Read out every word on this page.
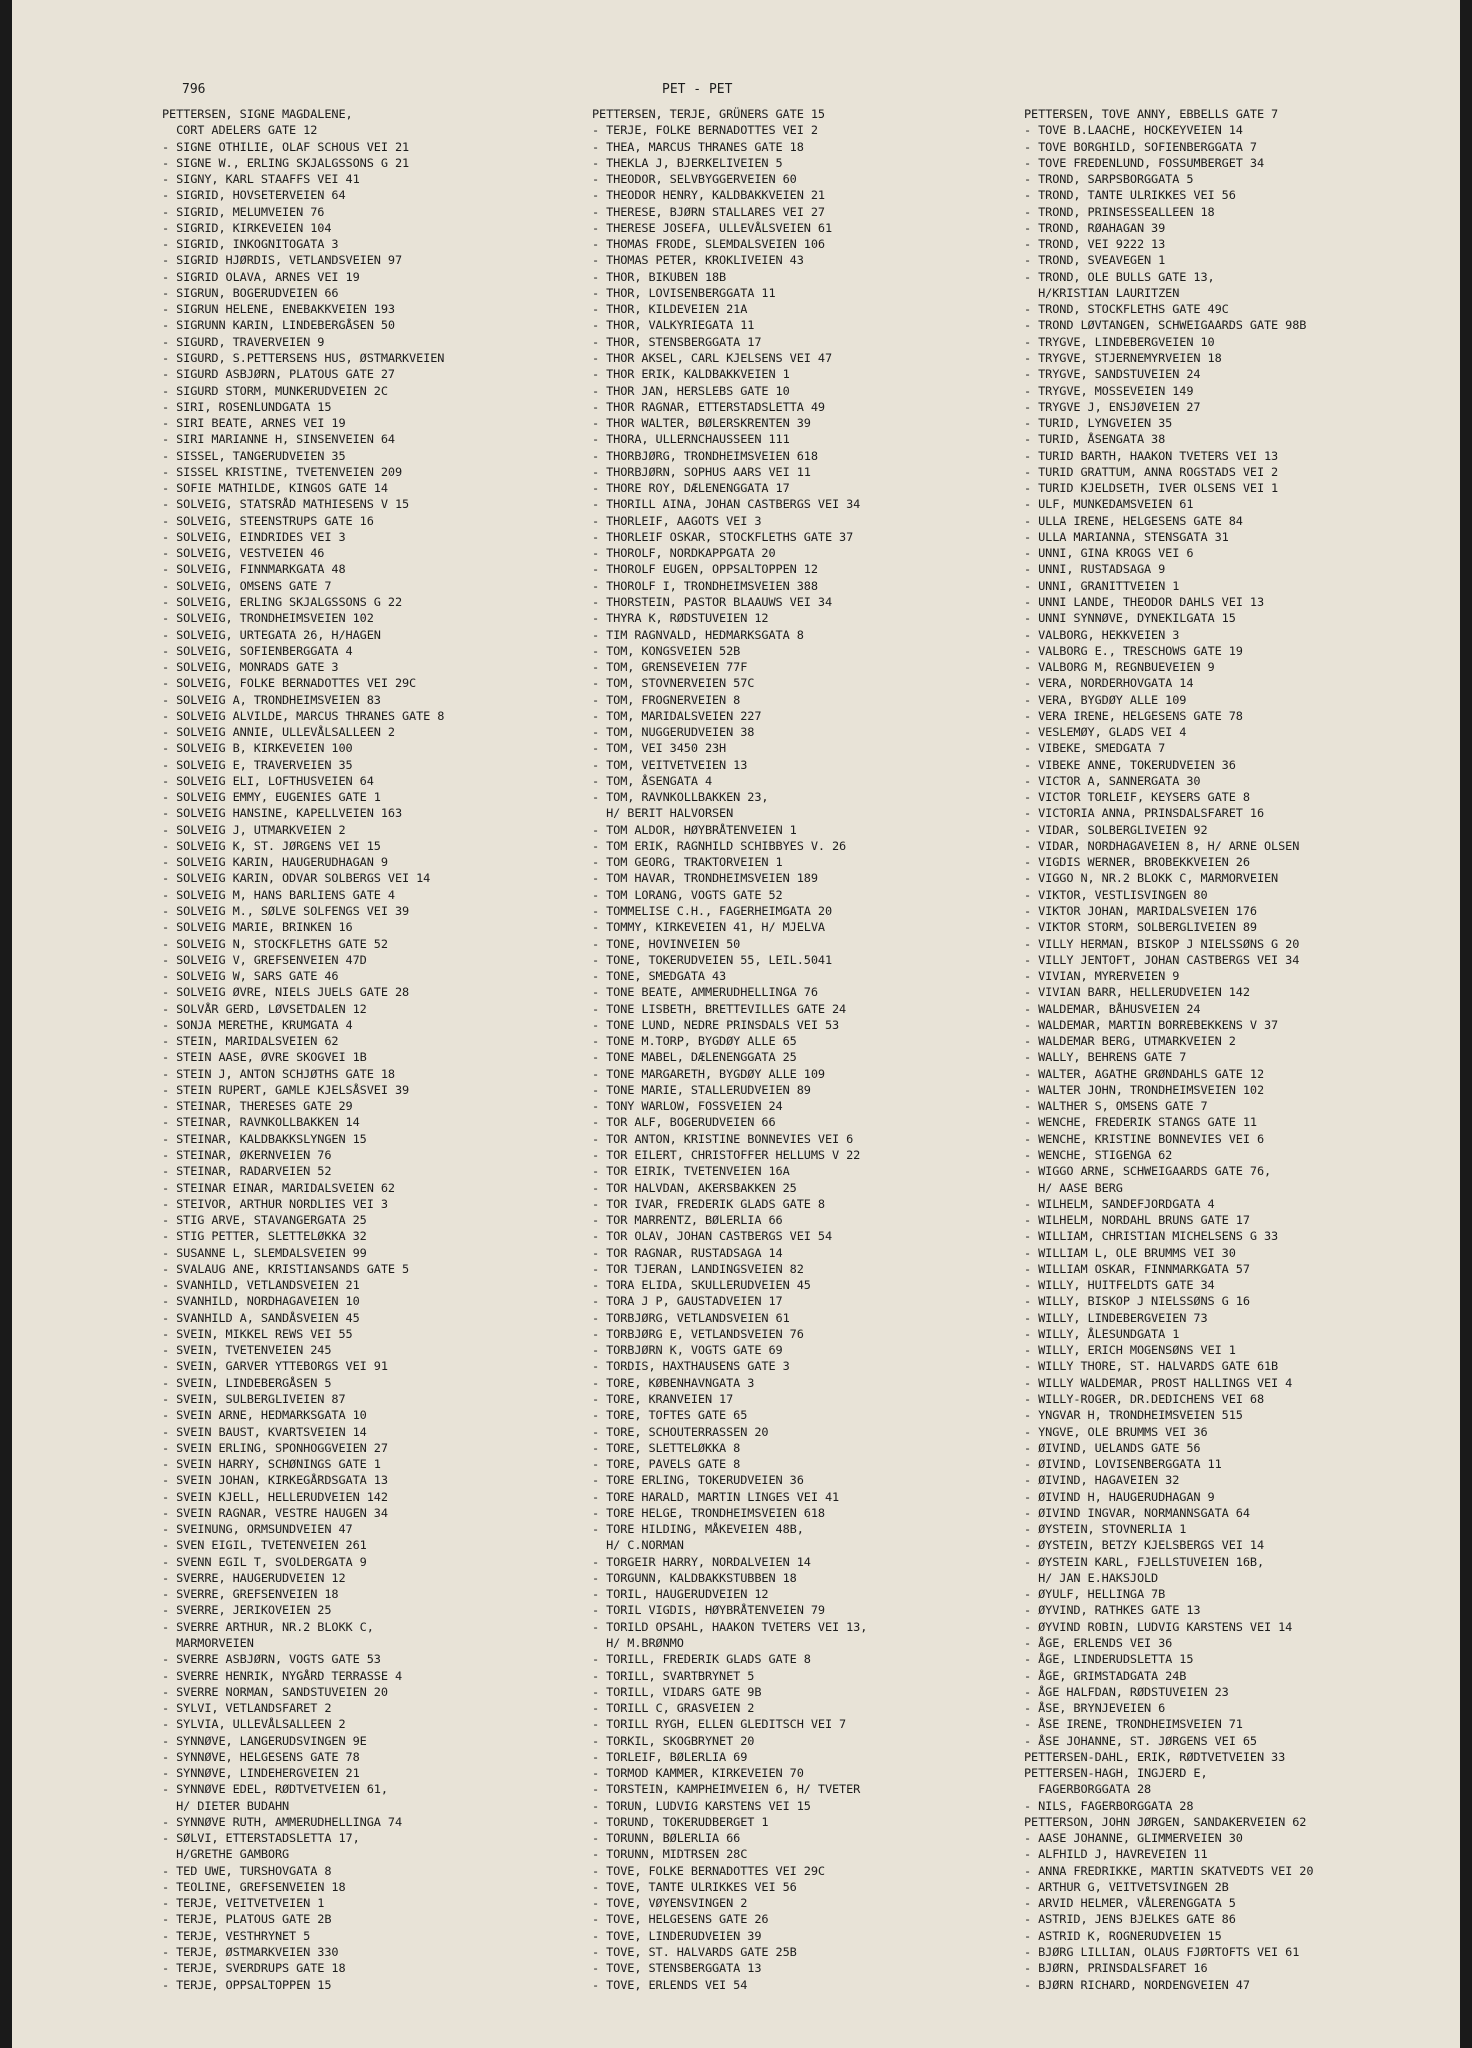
796	PET - PET
PETTERSEN, SIGNE MAGDALENE,
CORT ADELERS GATE 12
- SIGNE OTHILIE, OLAF SCHOUS VEI 21
- SIGNE W., ERLING SKJALGSSONS G 21
- SIGNY, KARL STAAFFS VEI 41
- SIGRID, HOVSETERVEIEN 64
- SIGRID, MELUMVEIEN 76
- SIGRID, KIRKEVEIEN 104
- SIGRID, INKOGNITOGATA 3
- SIGRID HJØRDIS, VETLANDSVEIEN 97
- SIGRID OLAVA, ARNES VEI 19
- SIGRUN, BOGERUDVEIEN 66
- SIGRUN HELENE, ENEBAKKVEIEN 193
- SIGRUNN KARIN, LINDEBERGÅSEN 50
- SIGURD, TRAVERVEIEN 9
- SIGURD, S.PETTERSENS HUS, ØSTMARKVEIEN
- SIGURD ASBJØRN, PLATOUS GATE 27
- SIGURD STORM, MUNKERUDVEIEN 2C
- SIRI, ROSENLUNDGATA 15
- SIRI BEATE, ARNES VEI 19
- SIRI MARIANNE H, SINSENVEIEN 64
- SISSEL, TANGERUDVEIEN 35
- SISSEL KRISTINE, TVETENVEIEN 209
- SOFIE MATHILDE, KINGOS GATE 14
- SOLVEIG, STATSRÅD MATHIESENS V 15
- SOLVEIG, STEENSTRUPS GATE 16
- SOLVEIG, EINDRIDES VEI 3
- SOLVEIG, VESTVEIEN 46
- SOLVEIG, FINNMARKGATA 48
- SOLVEIG, OMSENS GATE 7
- SOLVEIG, ERLING SKJALGSSONS G 22
- SOLVEIG, TRONDHEIMSVEIEN 102
- SOLVEIG, URTEGATA 26, H/HAGEN
- SOLVEIG, SOFIENBERGGATA 4
- SOLVEIG, MONRADS GATE 3
- SOLVEIG, FOLKE BERNADOTTES VEI 29C
- SOLVEIG A, TRONDHEIMSVEIEN 83
- SOLVEIG ALVILDE, MARCUS THRANES GATE 8
- SOLVEIG ANNIE, ULLEVÅLSALLEEN 2
- SOLVEIG B, KIRKEVEIEN 100
- SOLVEIG E, TRAVERVEIEN 35
- SOLVEIG ELI, LOFTHUSVEIEN 64
- SOLVEIG EMMY, EUGENIES GATE 1
- SOLVEIG HANSINE, KAPELLVEIEN 163
- SOLVEIG J, UTMARKVEIEN 2
- SOLVEIG K, ST. JØRGENS VEI 15
- SOLVEIG KARIN, HAUGERUDHAGAN 9
- SOLVEIG KARIN, ODVAR SOLBERGS VEI 14
- SOLVEIG M, HANS BARLIENS GATE 4
- SOLVEIG M., SØLVE SOLFENGS VEI 39
- SOLVEIG MARIE, BRINKEN 16
- SOLVEIG N, STOCKFLETHS GATE 52
- SOLVEIG V, GREFSENVEIEN 47D
- SOLVEIG W, SARS GATE 46
- SOLVEIG ØVRE, NIELS JUELS GATE 28
- SOLVÅR GERD, LØVSETDALEN 12
- SONJA MERETHE, KRUMGATA 4
- STEIN, MARIDALSVEIEN 62
- STEIN AASE, ØVRE SKOGVEI 1B
- STEIN J, ANTON SCHJØTHS GATE 18
- STEIN RUPERT, GAMLE KJELSÅSVEI 39
- STEINAR, THERESES GATE 29
- STEINAR, RAVNKOLLBAKKEN 14
- STEINAR, KALDBAKKSLYNGEN 15
- STEINAR, ØKERNVEIEN 76
- STEINAR, RADARVEIEN 52
- STEINAR EINAR, MARIDALSVEIEN 62
- STEIVOR, ARTHUR NORDLIES VEI 3
- STIG ARVE, STAVANGERGATA 25
- STIG PETTER, SLETTELØKKA 32
- SUSANNE L, SLEMDALSVEIEN 99
- SVALAUG ANE, KRISTIANSANDS GATE 5
- SVANHILD, VETLANDSVEIEN 21
- SVANHILD, NORDHAGAVEIEN 10
- SVANHILD A, SANDÅSVEIEN 45
- SVEIN, MIKKEL REWS VEI 55
- SVEIN, TVETENVEIEN 245
- SVEIN, GARVER YTTEBORGS VEI 91
- SVEIN, LINDEBERGÅSEN 5
- SVEIN, SULBERGLIVEIEN 87
- SVEIN ARNE, HEDMARKSGATA 10
- SVEIN BAUST, KVARTSVEIEN 14
- SVEIN ERLING, SPONHOGGVEIEN 27
- SVEIN HARRY, SCHØNINGS GATE 1
- SVEIN JOHAN, KIRKEGÅRDSGATA 13
- SVEIN KJELL, HELLERUDVEIEN 142
- SVEIN RAGNAR, VESTRE HAUGEN 34
- SVEINUNG, ORMSUNDVEIEN 47
- SVEN EIGIL, TVETENVEIEN 261
- SVENN EGIL T, SVOLDERGATA 9
- SVERRE, HAUGERUDVEIEN 12
- SVERRE, GREFSENVEIEN 18
- SVERRE, JERIKOVEIEN 25
- SVERRE ARTHUR, NR.2 BLOKK C,
MARMORVEIEN
- SVERRE ASBJØRN, VOGTS GATE 53
- SVERRE HENRIK, NYGÅRD TERRASSE 4
- SVERRE NORMAN, SANDSTUVEIEN 20
- SYLVI, VETLANDSFARET 2
- SYLVIA, ULLEVÅLSALLEEN 2
- SYNNØVE, LANGERUDSVINGEN 9E
- SYNNØVE, HELGESENS GATE 78
- SYNNØVE, LINDEHERGVEIEN 21
- SYNNØVE EDEL, RØDTVETVEIEN 61,
H/ DIETER BUDAHN
- SYNNØVE RUTH, AMMERUDHELLINGA 74
- SØLVI, ETTERSTADSLETTA 17,
H/GRETHE GAMBORG
- TED UWE, TURSHOVGATA 8
- TEOLINE, GREFSENVEIEN 18
- TERJE, VEITVETVEIEN 1
- TERJE, PLATOUS GATE 2B
- TERJE, VESTHRYNET 5
- TERJE, ØSTMARKVEIEN 330
- TERJE, SVERDRUPS GATE 18
- TERJE, OPPSALTOPPEN 15
PETTERSEN, TERJE, GRÜNERS GATE 15
- TERJE, FOLKE BERNADOTTES VEI 2
- THEA, MARCUS THRANES GATE 18
- THEKLA J, BJERKELIVEIEN 5
- THEODOR, SELVBYGGERVEIEN 60
- THEODOR HENRY, KALDBAKKVEIEN 21
- THERESE, BJØRN STALLARES VEI 27
- THERESE JOSEFA, ULLEVÅLSVEIEN 61
- THOMAS FRODE, SLEMDALSVEIEN 106
- THOMAS PETER, KROKLIVEIEN 43
- THOR, BIKUBEN 18B
- THOR, LOVISENBERGGATA 11
- THOR, KILDEVEIEN 21A
- THOR, VALKYRIEGATA 11
- THOR, STENSBERGGATA 17
- THOR AKSEL, CARL KJELSENS VEI 47
- THOR ERIK, KALDBAKKVEIEN 1
- THOR JAN, HERSLEBS GATE 10
- THOR RAGNAR, ETTERSTADSLETTA 49
- THOR WALTER, BØLERSKRENTEN 39
- THORA, ULLERNCHAUSSEEN 111
- THORBJØRG, TRONDHEIMSVEIEN 618
- THORBJØRN, SOPHUS AARS VEI 11
- THORE ROY, DÆLENENGGATA 17
- THORILL AINA, JOHAN CASTBERGS VEI 34
- THORLEIF, AAGOTS VEI 3
- THORLEIF OSKAR, STOCKFLETHS GATE 37
- THOROLF, NORDKAPPGATA 20
- THOROLF EUGEN, OPPSALTOPPEN 12
- THOROLF I, TRONDHEIMSVEIEN 388
- THORSTEIN, PASTOR BLAAUWS VEI 34
- THYRA K, RØDSTUVEIEN 12
- TIM RAGNVALD, HEDMARKSGATA 8
- TOM, KONGSVEIEN 52B
- TOM, GRENSEVEIEN 77F
- TOM, STOVNERVEIEN 57C
- TOM, FROGNERVEIEN 8
- TOM, MARIDALSVEIEN 227
- TOM, NUGGERUDVEIEN 38
- TOM, VEI 3450 23H
- TOM, VEITVETVEIEN 13
- TOM, ÅSENGATA 4
- TOM, RAVNKOLLBAKKEN 23,
H/ BERIT HALVORSEN
- TOM ALDOR, HØYBRÅTENVEIEN 1
- TOM ERIK, RAGNHILD SCHIBBYES V. 26
- TOM GEORG, TRAKTORVEIEN 1
- TOM HAVAR, TRONDHEIMSVEIEN 189
- TOM LORANG, VOGTS GATE 52
- TOMMELISE C.H., FAGERHEIMGATA 20
- TOMMY, KIRKEVEIEN 41, H/ MJELVA
- TONE, HOVINVEIEN 50
- TONE, TOKERUDVEIEN 55, LEIL.5041
- TONE, SMEDGATA 43
- TONE BEATE, AMMERUDHELLINGA 76
- TONE LISBETH, BRETTEVILLES GATE 24
- TONE LUND, NEDRE PRINSDALS VEI 53
- TONE M.TORP, BYGDØY ALLE 65
- TONE MABEL, DÆLENENGGATA 25
- TONE MARGARETH, BYGDØY ALLE 109
- TONE MARIE, STALLERUDVEIEN 89
- TONY WARLOW, FOSSVEIEN 24
- TOR ALF, BOGERUDVEIEN 66
- TOR ANTON, KRISTINE BONNEVIES VEI 6
- TOR EILERT, CHRISTOFFER HELLUMS V 22
- TOR EIRIK, TVETENVEIEN 16A
- TOR HALVDAN, AKERSBAKKEN 25
- TOR IVAR, FREDERIK GLADS GATE 8
- TOR MARRENTZ, BØLERLIA 66
- TOR OLAV, JOHAN CASTBERGS VEI 54
- TOR RAGNAR, RUSTADSAGA 14
- TOR TJERAN, LANDINGSVEIEN 82
- TORA ELIDA, SKULLERUDVEIEN 45
- TORA J P, GAUSTADVEIEN 17
- TORBJØRG, VETLANDSVEIEN 61
- TORBJØRG E, VETLANDSVEIEN 76
- TORBJØRN K, VOGTS GATE 69
- TORDIS, HAXTHAUSENS GATE 3
- TORE, KØBENHAVNGATA 3
- TORE, KRANVEIEN 17
- TORE, TOFTES GATE 65
- TORE, SCHOUTERRASSEN 20
- TORE, SLETTELØKKA 8
- TORE, PAVELS GATE 8
- TORE ERLING, TOKERUDVEIEN 36
- TORE HARALD, MARTIN LINGES VEI 41
- TORE HELGE, TRONDHEIMSVEIEN 618
- TORE HILDING, MÅKEVEIEN 48B,
H/ C.NORMAN
- TORGEIR HARRY, NORDALVEIEN 14
- TORGUNN, KALDBAKKSTUBBEN 18
- TORIL, HAUGERUDVEIEN 12
- TORIL VIGDIS, HØYBRÅTENVEIEN 79
- TORILD OPSAHL, HAAKON TVETERS VEI 13,
H/ M.BRØNMO
- TORILL, FREDERIK GLADS GATE 8
- TORILL, SVARTBRYNET 5
- TORILL, VIDARS GATE 9B
- TORILL C, GRASVEIEN 2
- TORILL RYGH, ELLEN GLEDITSCH VEI 7
- TORKIL, SKOGBRYNET 20
- TORLEIF, BØLERLIA 69
- TORMOD KAMMER, KIRKEVEIEN 70
- TORSTEIN, KAMPHEIMVEIEN 6, H/ TVETER
- TORUN, LUDVIG KARSTENS VEI 15
- TORUND, TOKERUDBERGET 1
- TORUNN, BØLERLIA 66
- TORUNN, MIDTRSEN 28C
- TOVE, FOLKE BERNADOTTES VEI 29C
- TOVE, TANTE ULRIKKES VEI 56
- TOVE, VØYENSVINGEN 2
- TOVE, HELGESENS GATE 26
- TOVE, LINDERUDVEIEN 39
- TOVE, ST. HALVARDS GATE 25B
- TOVE, STENSBERGGATA 13
- TOVE, ERLENDS VEI 54
PETTERSEN, TOVE ANNY, EBBELLS GATE 7
- TOVE B.LAACHE, HOCKEYVEIEN 14
- TOVE BORGHILD, SOFIENBERGGATA 7
- TOVE FREDENLUND, FOSSUMBERGET 34
- TROND, SARPSBORGGATA 5
- TROND, TANTE ULRIKKES VEI 56
- TROND, PRINSESSEALLEEN 18
- TROND, RØAHAGAN 39
- TROND, VEI 9222 13
- TROND, SVEAVEGEN 1
- TROND, OLE BULLS GATE 13,
H/KRISTIAN LAURITZEN
- TROND, STOCKFLETHS GATE 49C
- TROND LØVTANGEN, SCHWEIGAARDS GATE 98B
- TRYGVE, LINDEBERGVEIEN 10
- TRYGVE, STJERNEMYRVEIEN 18
- TRYGVE, SANDSTUVEIEN 24
- TRYGVE, MOSSEVEIEN 149
- TRYGVE J, ENSJØVEIEN 27
- TURID, LYNGVEIEN 35
- TURID, ÅSENGATA 38
- TURID BARTH, HAAKON TVETERS VEI 13
- TURID GRATTUM, ANNA ROGSTADS VEI 2
- TURID KJELDSETH, IVER OLSENS VEI 1
- ULF, MUNKEDAMSVEIEN 61
- ULLA IRENE, HELGESENS GATE 84
- ULLA MARIANNA, STENSGATA 31
- UNNI, GINA KROGS VEI 6
- UNNI, RUSTADSAGA 9
- UNNI, GRANITTVEIEN 1
- UNNI LANDE, THEODOR DAHLS VEI 13
- UNNI SYNNØVE, DYNEKILGATA 15
- VALBORG, HEKKVEIEN 3
- VALBORG E., TRESCHOWS GATE 19
- VALBORG M, REGNBUEVEIEN 9
- VERA, NORDERHOVGATA 14
- VERA, BYGDØY ALLE 109
- VERA IRENE, HELGESENS GATE 78
- VESLEMØY, GLADS VEI 4
- VIBEKE, SMEDGATA 7
- VIBEKE ANNE, TOKERUDVEIEN 36
- VICTOR A, SANNERGATA 30
- VICTOR TORLEIF, KEYSERS GATE 8
- VICTORIA ANNA, PRINSDALSFARET 16
- VIDAR, SOLBERGLIVEIEN 92
- VIDAR, NORDHAGAVEIEN 8, H/ ARNE OLSEN
- VIGDIS WERNER, BROBEKKVEIEN 26
- VIGGO N, NR.2 BLOKK C, MARMORVEIEN
- VIKTOR, VESTLISVINGEN 80
- VIKTOR JOHAN, MARIDALSVEIEN 176
- VIKTOR STORM, SOLBERGLIVEIEN 89
- VILLY HERMAN, BISKOP J NIELSSØNS G 20
- VILLY JENTOFT, JOHAN CASTBERGS VEI 34
- VIVIAN, MYRERVEIEN 9
- VIVIAN BARR, HELLERUDVEIEN 142
- WALDEMAR, BÅHUSVEIEN 24
- WALDEMAR, MARTIN BORREBEKKENS V 37
- WALDEMAR BERG, UTMARKVEIEN 2
- WALLY, BEHRENS GATE 7
- WALTER, AGATHE GRØNDAHLS GATE 12
- WALTER JOHN, TRONDHEIMSVEIEN 102
- WALTHER S, OMSENS GATE 7
- WENCHE, FREDERIK STANGS GATE 11
- WENCHE, KRISTINE BONNEVIES VEI 6
- WENCHE, STIGENGA 62
- WIGGO ARNE, SCHWEIGAARDS GATE 76,
H/ AASE BERG
- WILHELM, SANDEFJORDGATA 4
- WILHELM, NORDAHL BRUNS GATE 17
- WILLIAM, CHRISTIAN MICHELSENS G 33
- WILLIAM L, OLE BRUMMS VEI 30
- WILLIAM OSKAR, FINNMARKGATA 57
- WILLY, HUITFELDTS GATE 34
- WILLY, BISKOP J NIELSSØNS G 16
- WILLY, LINDEBERGVEIEN 73
- WILLY, ÅLESUNDGATA 1
- WILLY, ERICH MOGENSØNS VEI 1
- WILLY THORE, ST. HALVARDS GATE 61B
- WILLY WALDEMAR, PROST HALLINGS VEI 4
- WILLY-ROGER, DR.DEDICHENS VEI 68
- YNGVAR H, TRONDHEIMSVEIEN 515
- YNGVE, OLE BRUMMS VEI 36
- ØIVIND, UELANDS GATE 56
- ØIVIND, LOVISENBERGGATA 11
- ØIVIND, HAGAVEIEN 32
- ØIVIND H, HAUGERUDHAGAN 9
- ØIVIND INGVAR, NORMANNSGATA 64
- ØYSTEIN, STOVNERLIA 1
- ØYSTEIN, BETZY KJELSBERGS VEI 14
- ØYSTEIN KARL, FJELLSTUVEIEN 16B,
H/ JAN E.HAKSJOLD
- ØYULF, HELLINGA 7B
- ØYVIND, RATHKES GATE 13
- ØYVIND ROBIN, LUDVIG KARSTENS VEI 14
- ÅGE, ERLENDS VEI 36
- ÅGE, LINDERUDSLETTA 15
- ÅGE, GRIMSTADGATA 24B
- ÅGE HALFDAN, RØDSTUVEIEN 23
- ÅSE, BRYNJEVEIEN 6
- ÅSE IRENE, TRONDHEIMSVEIEN 71
- ÅSE JOHANNE, ST. JØRGENS VEI 65
PETTERSEN-DAHL, ERIK, RØDTVETVEIEN 33
PETTERSEN-HAGH, INGJERD E,
FAGERBORGGATA 28
- NILS, FAGERBORGGATA 28
PETTERSON, JOHN JØRGEN, SANDAKERVEIEN 62
- AASE JOHANNE, GLIMMERVEIEN 30
- ALFHILD J, HAVREVEIEN 11
- ANNA FREDRIKKE, MARTIN SKATVEDTS VEI 20
- ARTHUR G, VEITVETSVINGEN 2B
- ARVID HELMER, VÅLERENGGATA 5
- ASTRID, JENS BJELKES GATE 86
- ASTRID K, ROGNERUDVEIEN 15
- BJØRG LILLIAN, OLAUS FJØRTOFTS VEI 61
- BJØRN, PRINSDALSFARET 16
- BJØRN RICHARD, NORDENGVEIEN 47
